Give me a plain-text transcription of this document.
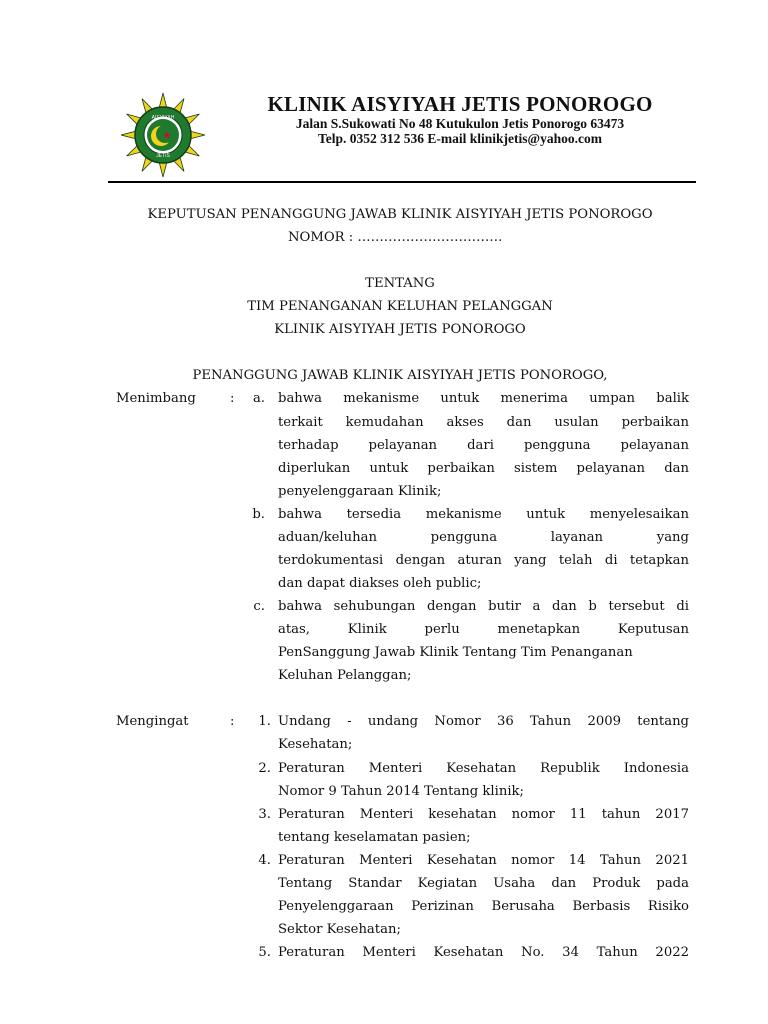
AISYIYAH
JETIS
KLINIK AISYIYAH JETIS PONOROGO
Jalan S.Sukowati No 48 Kutukulon Jetis Ponorogo 63473
Telp. 0352 312 536 E-mail klinikjetis@yahoo.com
KEPUTUSAN PENANGGUNG JAWAB KLINIK AISYIYAH JETIS PONOROGO
NOMOR : ……………………………
TENTANG
TIM PENANGANAN KELUHAN PELANGGAN
KLINIK AISYIYAH JETIS PONOROGO
PENANGGUNG JAWAB KLINIK AISYIYAH JETIS PONOROGO,
Menimbang	:	a. bahwa mekanisme untuk menerima umpan balik
terkait kemudahan akses dan usulan perbaikan
terhadap pelayanan dari pengguna pelayanan
diperlukan untuk perbaikan sistem pelayanan dan
penyelenggaraan Klinik;
b. bahwa tersedia mekanisme untuk menyelesaikan
aduan/keluhan pengguna layanan yang
terdokumentasi dengan aturan yang telah di tetapkan
dan dapat diakses oleh public;
c. bahwa sehubungan dengan butir a dan b tersebut di
atas, Klinik perlu menetapkan Keputusan
PenSanggung Jawab Klinik Tentang Tim Penanganan
Keluhan Pelanggan;
Mengingat	:	1. Undang - undang Nomor 36 Tahun 2009 tentang
Kesehatan;
2. Peraturan Menteri Kesehatan Republik Indonesia
Nomor 9 Tahun 2014 Tentang klinik;
3. Peraturan Menteri kesehatan nomor 11 tahun 2017
tentang keselamatan pasien;
4. Peraturan Menteri Kesehatan nomor 14 Tahun 2021
Tentang Standar Kegiatan Usaha dan Produk pada
Penyelenggaraan Perizinan Berusaha Berbasis Risiko
Sektor Kesehatan;
5. Peraturan Menteri Kesehatan No. 34 Tahun 2022
